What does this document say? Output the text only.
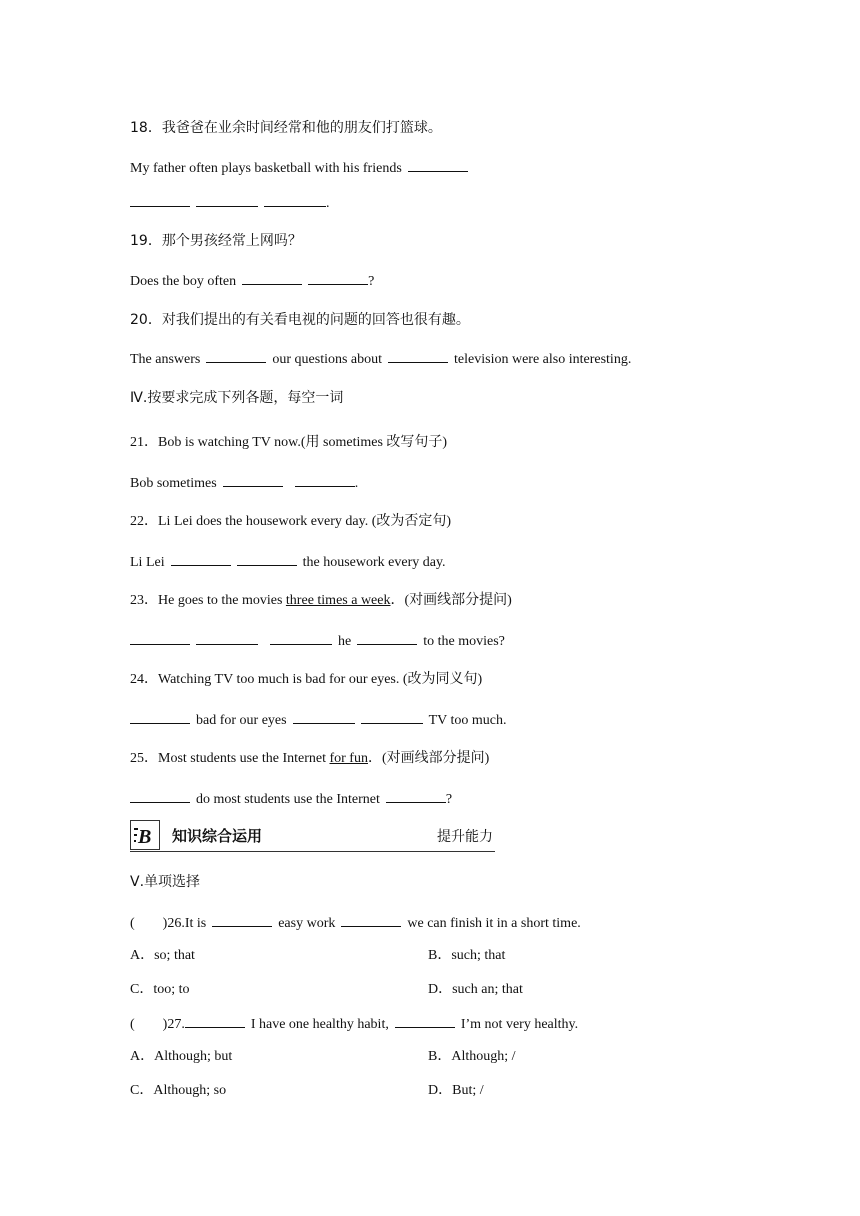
18．我爸爸在业余时间经常和他的朋友们打篮球。
My father often plays basketball with his friends
.
19．那个男孩经常上网吗？
Does the boy often	?
20．对我们提出的有关看电视的问题的回答也很有趣。
The answers	our questions about	television were also interesting.
Ⅳ.按要求完成下列各题，每空一词
21．Bob is watching TV now.(用 sometimes 改写句子)
Bob sometimes	.
22．Li Lei does the housework every day. (改为否定句)
Li Lei	the housework every day.
23．He goes to the movies three times a week．(对画线部分提问)
he	to the movies?
24．Watching TV too much is bad for our eyes. (改为同义句)
bad for our eyes	TV too much.
25．Most students use the Internet for fun．(对画线部分提问)
do most students use the Internet	?
B 知识综合运用	提升能力
Ⅴ.单项选择
(        )26.It is	easy work	we can finish it in a short time.
A．so; that	B．such; that
C．too; to	D．such an; that
(        )27.	I have one healthy habit,	I’m not very healthy.
A．Although; but	B．Although; /
C．Although; so	D．But; /
